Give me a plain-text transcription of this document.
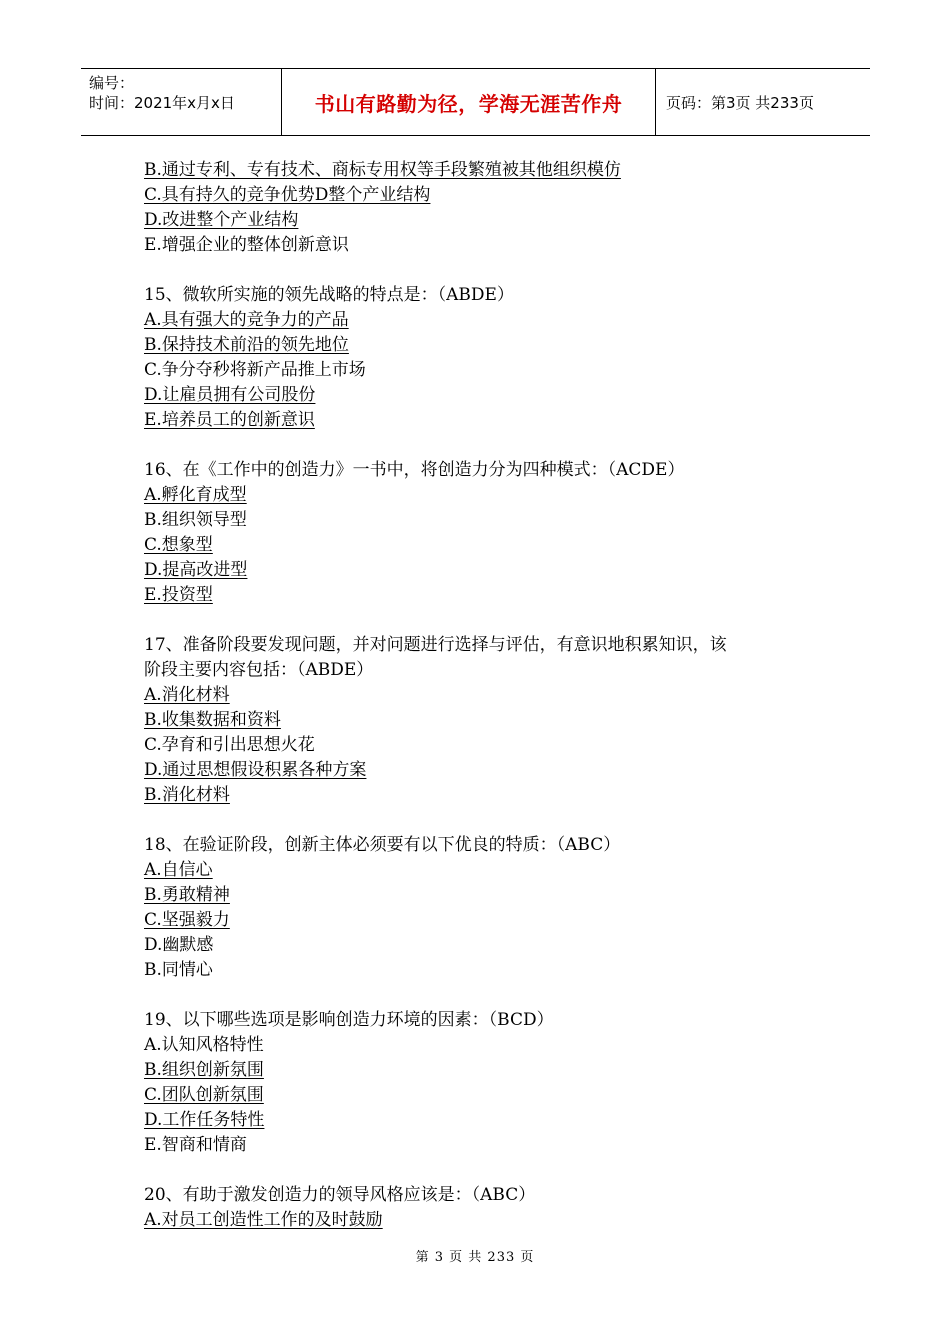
编号：
时间：2021年x月x日	书山有路勤为径，学海无涯苦作舟	页码：第3页 共233页
B.通过专利、专有技术、商标专用权等手段繁殖被其他组织模仿
C.具有持久的竞争优势D整个产业结构
D.改进整个产业结构
E.增强企业的整体创新意识
15、微软所实施的领先战略的特点是：（ABDE）
A.具有强大的竞争力的产品
B.保持技术前沿的领先地位
C.争分夺秒将新产品推上市场
D.让雇员拥有公司股份
E.培养员工的创新意识
16、在《工作中的创造力》一书中，将创造力分为四种模式：（ACDE）
A.孵化育成型
B.组织领导型
C.想象型
D.提高改进型
E.投资型
17、准备阶段要发现问题，并对问题进行选择与评估，有意识地积累知识，该
阶段主要内容包括：（ABDE）
A.消化材料
B.收集数据和资料
C.孕育和引出思想火花
D.通过思想假设积累各种方案
B.消化材料
18、在验证阶段，创新主体必须要有以下优良的特质：（ABC）
A.自信心
B.勇敢精神
C.坚强毅力
D.幽默感
B.同情心
19、以下哪些选项是影响创造力环境的因素：（BCD）
A.认知风格特性
B.组织创新氛围
C.团队创新氛围
D.工作任务特性
E.智商和情商
20、有助于激发创造力的领导风格应该是：（ABC）
A.对员工创造性工作的及时鼓励
第 3 页 共 233 页
